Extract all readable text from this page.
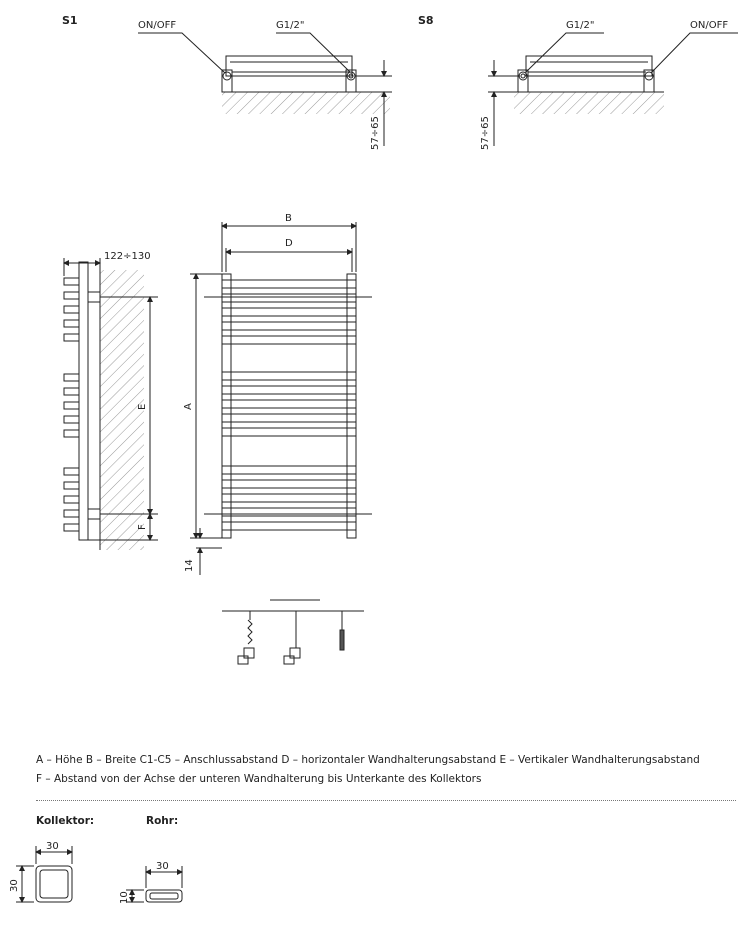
S1	ON/OFF	G1/2"
57÷65
S8	G1/2"	ON/OFF
57÷65
122÷130
E
F
B
D
A
14
30
30
30
10
A – Höhe B – Breite C1-C5 – Anschlussabstand D – horizontaler Wandhalterungsabstand E – Vertikaler Wandhalterungsabstand
F – Abstand von der Achse der unteren Wandhalterung bis Unterkante des Kollektors
Kollektor:	Rohr:
